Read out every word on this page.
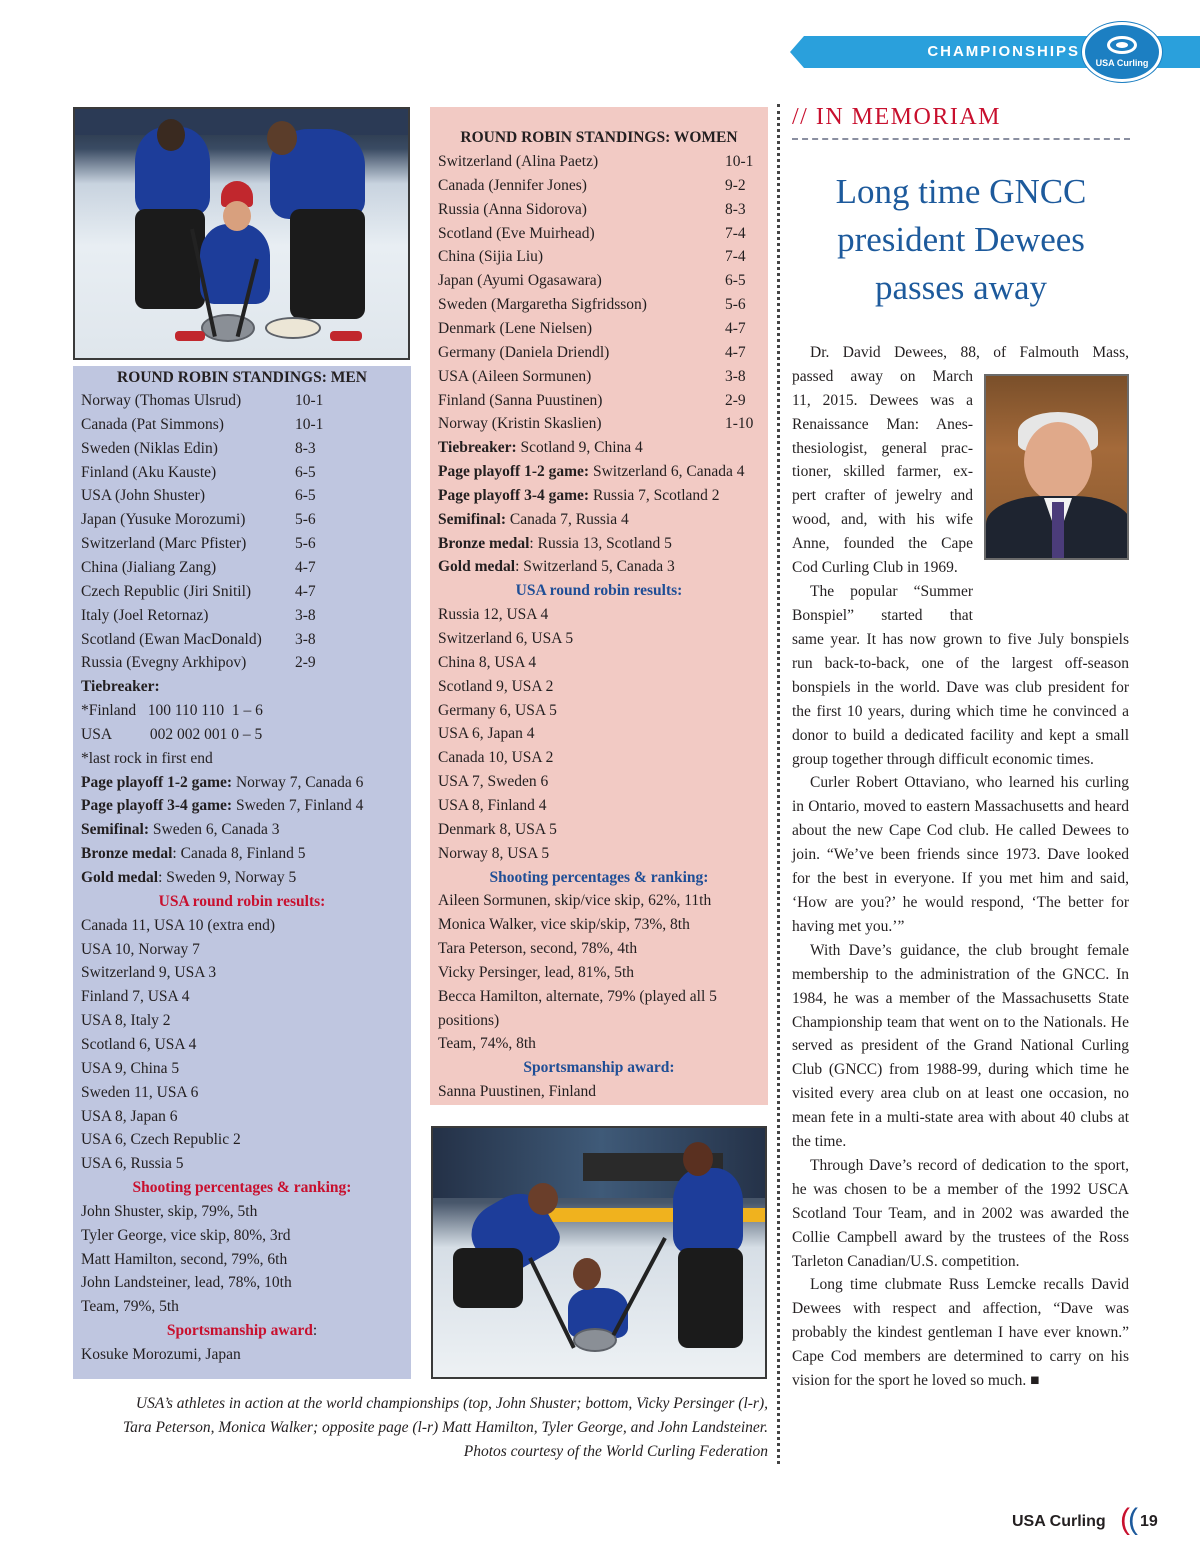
CHAMPIONSHIPS
USA Curling
ROUND ROBIN STANDINGS: MEN
Norway (Thomas Ulsrud)	10-1
Canada (Pat Simmons)	10-1
Sweden (Niklas Edin)	8-3
Finland (Aku Kauste)	6-5
USA (John Shuster)	6-5
Japan (Yusuke Morozumi)	5-6
Switzerland (Marc Pfister)	5-6
China (Jialiang Zang)	4-7
Czech Republic (Jiri Snitil)	4-7
Italy (Joel Retornaz)	3-8
Scotland (Ewan MacDonald) 3-8
Russia (Evegny Arkhipov)	2-9
Tiebreaker:
*Finland   100 110 110  1 – 6
USA          002 002 001 0 – 5
*last rock in first end
Page playoff 1-2 game: Norway 7, Canada 6
Page playoff 3-4 game: Sweden 7, Finland 4
Semifinal: Sweden 6, Canada 3
Bronze medal: Canada 8, Finland 5
Gold medal: Sweden 9, Norway 5
USA round robin results:
Canada 11, USA 10 (extra end)
USA 10, Norway 7
Switzerland 9, USA 3
Finland 7, USA 4
USA 8, Italy 2
Scotland 6, USA 4
USA 9, China 5
Sweden 11, USA 6
USA 8, Japan 6
USA 6, Czech Republic 2
USA 6, Russia 5
Shooting percentages & ranking:
John Shuster, skip, 79%, 5th
Tyler George, vice skip, 80%, 3rd
Matt Hamilton, second, 79%, 6th
John Landsteiner, lead, 78%, 10th
Team, 79%, 5th
Sportsmanship award:
Kosuke Morozumi, Japan
ROUND ROBIN STANDINGS: WOMEN
Switzerland (Alina Paetz)	10-1
Canada (Jennifer Jones)	9-2
Russia (Anna Sidorova)	8-3
Scotland (Eve Muirhead)	7-4
China (Sijia Liu)	7-4
Japan (Ayumi Ogasawara)	6-5
Sweden (Margaretha Sigfridsson)	5-6
Denmark (Lene Nielsen)	4-7
Germany (Daniela Driendl)	4-7
USA (Aileen Sormunen)	3-8
Finland (Sanna Puustinen)	2-9
Norway (Kristin Skaslien)	1-10
Tiebreaker: Scotland 9, China 4
Page playoff 1-2 game: Switzerland 6, Canada 4
Page playoff 3-4 game: Russia 7, Scotland 2
Semifinal: Canada 7, Russia 4
Bronze medal: Russia 13, Scotland 5
Gold medal: Switzerland 5, Canada 3
USA round robin results:
Russia 12, USA 4
Switzerland 6, USA 5
China 8, USA 4
Scotland 9, USA 2
Germany 6, USA 5
USA 6, Japan 4
Canada 10, USA 2
USA 7, Sweden 6
USA 8, Finland 4
Denmark 8, USA 5
Norway 8, USA 5
Shooting percentages & ranking:
Aileen Sormunen, skip/vice skip, 62%, 11th
Monica Walker, vice skip/skip, 73%, 8th
Tara Peterson, second, 78%, 4th
Vicky Persinger, lead, 81%, 5th
Becca Hamilton, alternate, 79% (played all 5
positions)
Team, 74%, 8th
Sportsmanship award:
Sanna Puustinen, Finland
USA’s athletes in action at the world championships (top, John Shuster; bottom, Vicky Persinger (l-r),
Tara Peterson, Monica Walker; opposite page (l-r) Matt Hamilton, Tyler George, and John Landsteiner.
Photos courtesy of the World Curling Federation
// IN MEMORIAM
Long time GNCC
president Dewees
passes away
Dr. David Dewees, 88, of Falmouth Mass,
passed away on March
11, 2015. Dewees was a
Renaissance Man: Anes-
thesiologist, general prac-
tioner, skilled farmer, ex-
pert crafter of jewelry and
wood, and, with his wife
Anne, founded the Cape
Cod Curling Club in 1969.
The popular “Summer
Bonspiel” started that

same year. It has now grown to five July bonspiels run back-to-back, one of the largest off-season bonspiels in the world. Dave was club president for the first 10 years, during which time he convinced a donor to build a dedicated facility and kept a small group together through difficult economic times.

Curler Robert Ottaviano, who learned his curling in Ontario, moved to eastern Massachusetts and heard about the new Cape Cod club. He called Dewees to join. “We’ve been friends since 1973. Dave looked for the best in everyone. If you met him and said, ‘How are you?’ he would respond, ‘The better for having met you.’”

With Dave’s guidance, the club brought female membership to the administration of the GNCC. In 1984, he was a member of the Massachusetts State Championship team that went on to the Nationals. He served as president of the Grand National Curling Club (GNCC) from 1988-99, during which time he visited every area club on at least one occasion, no mean fete in a multi-state area with about 40 clubs at the time.

Through Dave’s record of dedication to the sport, he was chosen to be a member of the 1992 USCA Scotland Tour Team, and in 2002 was awarded the Collie Campbell award by the trustees of the Ross Tarleton Canadian/U.S. competition.

Long time clubmate Russ Lemcke recalls David Dewees with respect and affection, “Dave was probably the kindest gentleman I have ever known.” Cape Cod members are determined to carry on his vision for the sport he loved so much. ■

USA Curling (
( 19
